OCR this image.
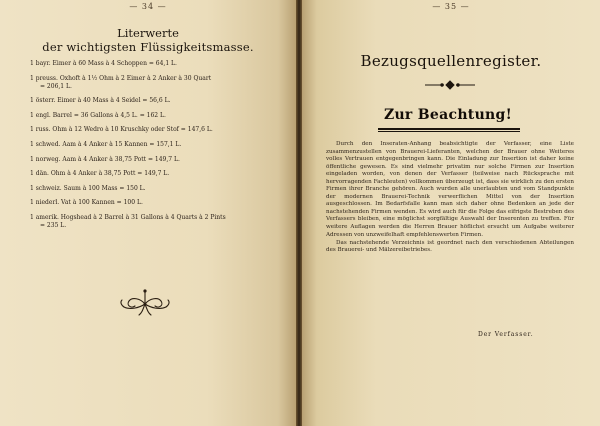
— 34 —	— 35 —
Literwerte
der wichtigsten Flüssigkeitsmasse.
1 bayr. Eimer à 60 Mass à 4 Schoppen = 64,1 L.
1 preuss. Oxhoft à 1½ Ohm à 2 Eimer à 2 Anker à 30 Quart
= 206,1 L.
1 österr. Eimer à 40 Mass à 4 Seidel = 56,6 L.
1 engl. Barrel = 36 Gallons à 4,5 L. = 162 L.
1 russ. Ohm à 12 Wedro à 10 Kruschky oder Stof = 147,6 L.
1 schwed. Aam à 4 Anker à 15 Kannen = 157,1 L.
1 norweg. Aam à 4 Anker à 38,75 Pott = 149,7 L.
1 dän. Ohm à 4 Anker à 38,75 Pott = 149,7 L.
1 schweiz. Saum à 100 Mass = 150 L.
1 niederl. Vat à 100 Kannen = 100 L.
1 amerik. Hogshead à 2 Barrel à 31 Gallons à 4 Quarts à 2 Pints
= 235 L.
Bezugsquellenregister.
Zur Beachtung!

Durch den Inseraten-Anhang beabsichtigte der Verfasser, eine Liste zusammenzustellen von Brauerei-Lieferanten, welchen der Brauer ohne Weiteres volles Vertrauen entgegenbringen kann. Die Einladung zur Insertion ist daher keine öffentliche gewesen. Es sind vielmehr privatim nur solche Firmen zur Insertion eingeladen worden, von denen der Verfasser (teilweise nach Rücksprache mit hervorragenden Fachleuten) vollkommen überzeugt ist, dass sie wirklich zu den ersten Firmen ihrer Branche gehören. Auch wurden alle unerlaubten und vom Standpunkte der modernen Brauerei-Technik verwerflichen Mittel von der Insertion ausgeschlossen. Im Bedarfsfalle kann man sich daher ohne Bedenken an jede der nachstehenden Firmen wenden. Es wird auch für die Folge das eifrigste Bestreben des Verfassers bleiben, eine möglichst sorgfältige Auswahl der Inserenten zu treffen. Für weitere Auflagen werden die Herren Brauer höflichst ersucht um Aufgabe weiterer Adressen von unzweifelhaft empfehlenswerten Firmen.

Das nachstehende Verzeichnis ist geordnet nach den verschiedenen Abteilungen des Brauerei- und Mälzereibetriebes.

Der Verfasser.
